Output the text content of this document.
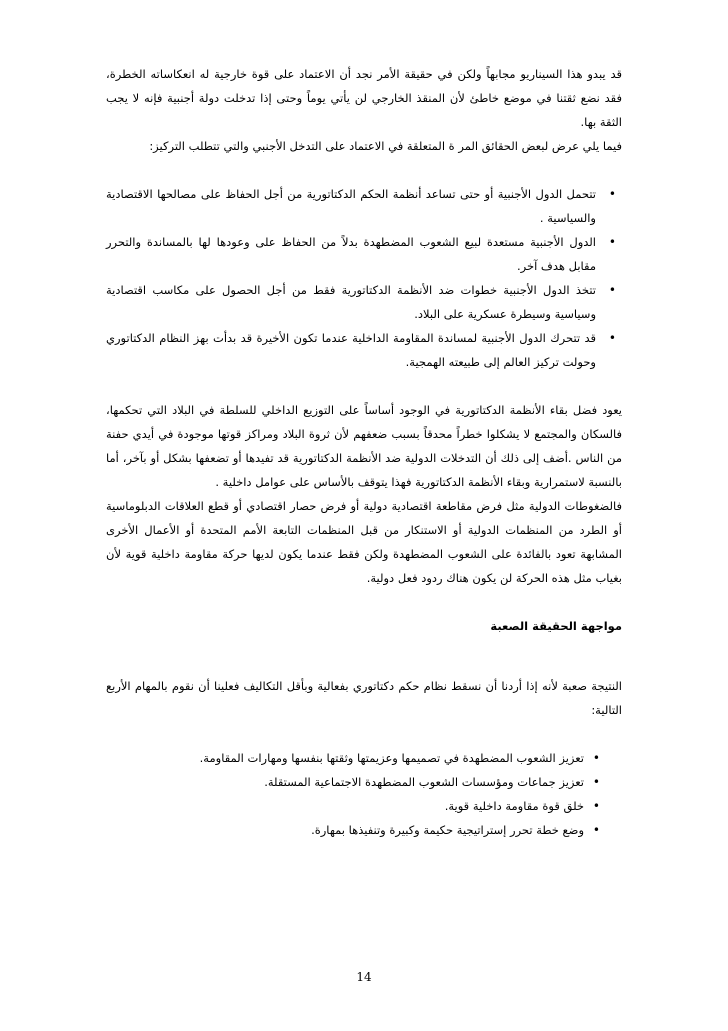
قد يبدو هذا السيناريو مجابهاً ولكن في حقيقة الأمر نجد أن الاعتماد على قوة خارجية له انعكاساته الخطرة، فقد نضع ثقتنا في موضع خاطئ لأن المنقذ الخارجي لن يأتي يوماً وحتى إذا تدخلت دولة أجنبية فإنه لا يجب الثقة بها.

فيما يلي عرض لبعض الحقائق المر ة المتعلقة في الاعتماد على التدخل الأجنبي والتي تتطلب التركيز:

•
تتحمل الدول الأجنبية أو حتى تساعد أنظمة الحكم الدكتاتورية من أجل الحفاظ على مصالحها الاقتصادية والسياسية .
•
الدول الأجنبية مستعدة لبيع الشعوب المضطهدة بدلاً من الحفاظ على وعودها لها بالمساندة والتحرر مقابل هدف آخر.
•
تتخذ الدول الأجنبية خطوات ضد الأنظمة الدكتاتورية فقط من أجل الحصول على مكاسب اقتصادية وسياسية وسيطرة عسكرية على البلاد.
•
قد تتحرك الدول الأجنبية لمساندة المقاومة الداخلية عندما تكون الأخيرة قد بدأت بهز النظام الدكتاتوري وحولت تركيز العالم إلى طبيعته الهمجية.

يعود فضل بقاء الأنظمة الدكتاتورية في الوجود أساساً على التوزيع الداخلي للسلطة في البلاد التي تحكمها، فالسكان والمجتمع لا يشكلوا خطراً محدقاً بسبب ضعفهم لأن ثروة البلاد ومراكز قوتها موجودة في أيدي حفنة من الناس .أضف إلى ذلك أن التدخلات الدولية ضد الأنظمة الدكتاتورية قد تفيدها أو تضعفها بشكل أو بآخر، أما بالنسبة لاستمرارية وبقاء الأنظمة الدكتاتورية فهذا يتوقف بالأساس على عوامل داخلية .

فالضغوطات الدولية مثل فرض مقاطعة اقتصادية دولية أو فرض حصار اقتصادي أو قطع العلاقات الدبلوماسية أو الطرد من المنظمات الدولية أو الاستنكار من قبل المنظمات التابعة الأمم المتحدة أو الأعمال الأخرى المشابهة تعود بالفائدة على الشعوب المضطهدة ولكن فقط عندما يكون لديها حركة مقاومة داخلية قوية لأن بغياب مثل هذه الحركة لن يكون هناك ردود فعل دولية.

مواجهة الحقيقة الصعبة

النتيجة صعبة لأنه إذا أردنا أن نسقط نظام حكم دكتاتوري بفعالية وبأقل التكاليف فعلينا أن نقوم بالمهام الأربع التالية:

•
تعزيز الشعوب المضطهدة في تصميمها وعزيمتها وثقتها بنفسها ومهارات المقاومة.
•
تعزيز جماعات ومؤسسات الشعوب المضطهدة الاجتماعية المستقلة.
•
خلق قوة مقاومة داخلية قوية.
•
وضع خطة تحرر إستراتيجية حكيمة وكبيرة وتنفيذها بمهارة.
14
